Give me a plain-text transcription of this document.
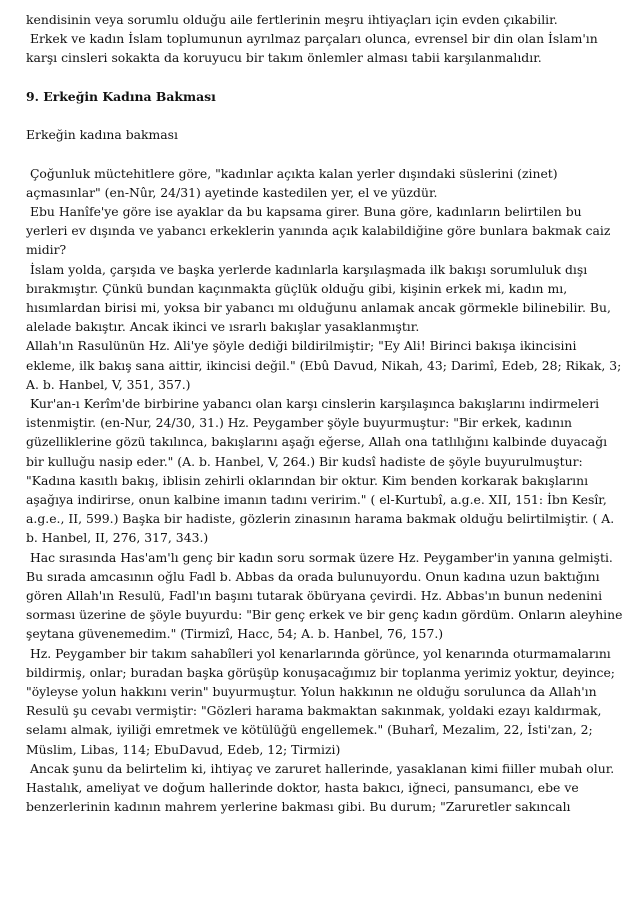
kendisinin veya sorumlu olduğu aile fertlerinin meşru ihtiyaçları için evden çıkabilir.

Erkek ve kadın İslam toplumunun ayrılmaz parçaları olunca, evrensel bir din olan İslam'ın karşı cinsleri sokakta da koruyucu bir takım önlemler alması tabii karşılanmalıdır.

9. Erkeğin Kadına Bakması

Erkeğin kadına bakması

Çoğunluk müctehitlere göre, "kadınlar açıkta kalan yerler dışındaki süslerini (zinet) açmasınlar" (en-Nûr, 24/31) ayetinde kastedilen yer, el ve yüzdür.

Ebu Hanîfe'ye göre ise ayaklar da bu kapsama girer. Buna göre, kadınların belirtilen bu yerleri ev dışında ve yabancı erkeklerin yanında açık kalabildiğine göre bunlara bakmak caiz midir?

İslam yolda, çarşıda ve başka yerlerde kadınlarla karşılaşmada ilk bakışı sorumluluk dışı bırakmıştır. Çünkü bundan kaçınmakta güçlük olduğu gibi, kişinin erkek mi, kadın mı, hısımlardan birisi mi, yoksa bir yabancı mı olduğunu anlamak ancak görmekle bilinebilir. Bu, alelade bakıştır. Ancak ikinci ve ısrarlı bakışlar yasaklanmıştır.

Allah'ın Rasulünün Hz. Ali'ye şöyle dediği bildirilmiştir; "Ey Ali! Birinci bakışa ikincisini ekleme, ilk bakış sana aittir, ikincisi değil." (Ebû Davud, Nikah, 43; Darimî, Edeb, 28; Rikak, 3; A. b. Hanbel, V, 351, 357.)

Kur'an-ı Kerîm'de birbirine yabancı olan karşı cinslerin karşılaşınca bakışlarını indirmeleri istenmiştir. (en-Nur, 24/30, 31.) Hz. Peygamber şöyle buyurmuştur: "Bir erkek, kadının güzelliklerine gözü takılınca, bakışlarını aşağı eğerse, Allah ona tatlılığını kalbinde duyacağı bir kulluğu nasip eder." (A. b. Hanbel, V, 264.) Bir kudsî hadiste de şöyle buyurulmuştur: "Kadına kasıtlı bakış, iblisin zehirli oklarından bir oktur. Kim benden korkarak bakışlarını aşağıya indirirse, onun kalbine imanın tadını veririm." ( el-Kurtubî, a.g.e. XII, 151: İbn Kesîr, a.g.e., II, 599.) Başka bir hadiste, gözlerin zinasının harama bakmak olduğu belirtilmiştir. ( A. b. Hanbel, II, 276, 317, 343.)

Hac sırasında Has'am'lı genç bir kadın soru sormak üzere Hz. Peygamber'in yanına gelmişti. Bu sırada amcasının oğlu Fadl b. Abbas da orada bulunuyordu. Onun kadına uzun baktığını gören Allah'ın Resulü, Fadl'ın başını tutarak öbüryana çevirdi. Hz. Abbas'ın bunun nedenini sorması üzerine de şöyle buyurdu: "Bir genç erkek ve bir genç kadın gördüm. Onların aleyhine şeytana güvenemedim." (Tirmizî, Hacc, 54; A. b. Hanbel, 76, 157.)

Hz. Peygamber bir takım sahabîleri yol kenarlarında görünce, yol kenarında oturmamalarını bildirmiş, onlar; buradan başka görüşüp konuşacağımız bir toplanma yerimiz yoktur, deyince; "öyleyse yolun hakkını verin" buyurmuştur. Yolun hakkının ne olduğu sorulunca da Allah'ın Resulü şu cevabı vermiştir: "Gözleri harama bakmaktan sakınmak, yoldaki ezayı kaldırmak, selamı almak, iyiliği emretmek ve kötülüğü engellemek." (Buharî, Mezalim, 22, İsti'zan, 2; Müslim, Libas, 114; EbuDavud, Edeb, 12; Tirmizi)

Ancak şunu da belirtelim ki, ihtiyaç ve zaruret hallerinde, yasaklanan kimi fiiller mubah olur. Hastalık, ameliyat ve doğum hallerinde doktor, hasta bakıcı, iğneci, pansumancı, ebe ve benzerlerinin kadının mahrem yerlerine bakması gibi. Bu durum; "Zaruretler sakıncalı
